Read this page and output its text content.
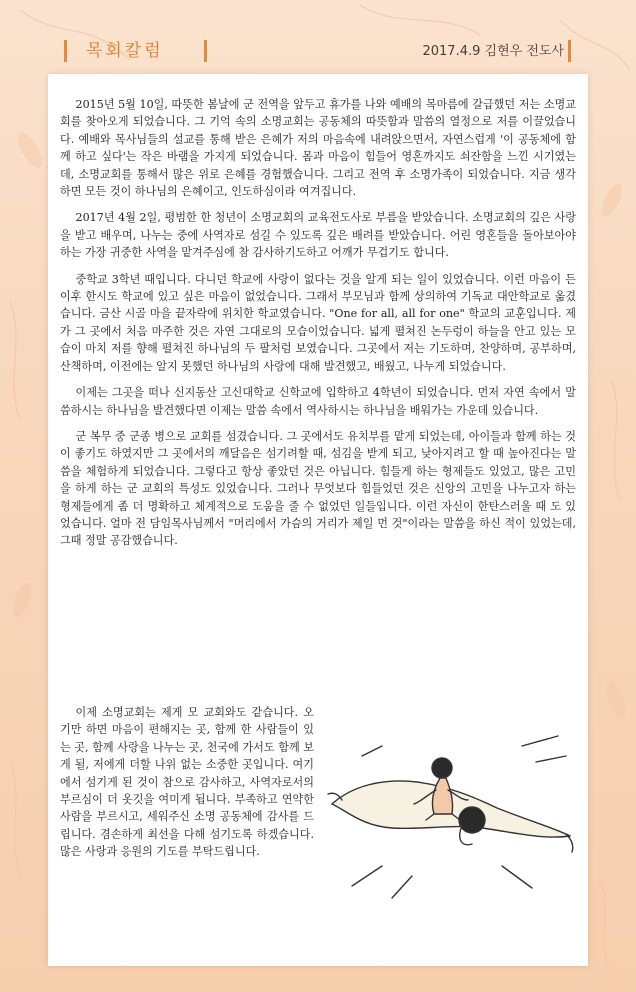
목회칼럼	2017.4.9 김현우 전도사

2015년 5월 10일, 따뜻한 봄날에 군 전역을 앞두고 휴가를 나와 예배의 목마름에 갈급했던 저는 소명교회를 찾아오게 되었습니다. 그 기억 속의 소명교회는 공동체의 따뜻함과 말씀의 열정으로 저를 이끌었습니다. 예배와 목사님들의 설교를 통해 받은 은혜가 저의 마음속에 내려앉으면서, 자연스럽게 '이 공동체에 함께 하고 싶다'는 작은 바램을 가지게 되었습니다. 몸과 마음이 힘들어 영혼까지도 쇠잔함을 느낀 시기였는데, 소명교회를 통해서 많은 위로 은혜를 경험했습니다. 그리고 전역 후 소명가족이 되었습니다. 지금 생각하면 모든 것이 하나님의 은혜이고, 인도하심이라 여겨집니다.

2017년 4월 2일, 평범한 한 청년이 소명교회의 교육전도사로 부름을 받았습니다. 소명교회의 깊은 사랑을 받고 배우며, 나누는 중에 사역자로 섬길 수 있도록 깊은 배려를 받았습니다. 어린 영혼들을 돌아보아야 하는 가장 귀중한 사역을 맡겨주심에 참 감사하기도하고 어깨가 무겁기도 합니다.

중학교 3학년 때입니다. 다니던 학교에 사랑이 없다는 것을 알게 되는 일이 있었습니다. 이런 마음이 든 이후 한시도 학교에 있고 싶은 마음이 없었습니다. 그래서 부모님과 함께 상의하여 기독교 대안학교로 옮겼습니다. 금산 시골 마을 끝자락에 위치한 학교였습니다. "One for all, all for one" 학교의 교훈입니다. 제가 그 곳에서 처음 마주한 것은 자연 그대로의 모습이었습니다. 넓게 펼쳐진 논두렁이 하늘을 안고 있는 모습이 마치 저를 향해 펼쳐진 하나님의 두 팔처럼 보였습니다. 그곳에서 저는 기도하며, 찬양하며, 공부하며, 산책하며, 이전에는 알지 못했던 하나님의 사랑에 대해 발견했고, 배웠고, 나누게 되었습니다.

이제는 그곳을 떠나 신지동산 고신대학교 신학교에 입학하고 4학년이 되었습니다. 먼저 자연 속에서 말씀하시는 하나님을 발견했다면 이제는 말씀 속에서 역사하시는 하나님을 배워가는 가운데 있습니다.

군 복무 중 군종 병으로 교회를 섬겼습니다. 그 곳에서도 유치부를 맡게 되었는데, 아이들과 함께 하는 것이 좋기도 하였지만 그 곳에서의 깨달음은 섬기려할 때, 섬김을 받게 되고, 낮아지려고 할 때 높아진다는 말씀을 체험하게 되었습니다. 그렇다고 항상 좋았던 것은 아닙니다. 힘들게 하는 형제들도 있었고, 많은 고민을 하게 하는 군 교회의 특성도 있었습니다. 그러나 무엇보다 힘들었던 것은 신앙의 고민을 나누고자 하는 형제들에게 좀 더 명확하고 체계적으로 도움을 줄 수 없었던 일들입니다. 이런 자신이 한탄스러울 때 도 있었습니다. 얼마 전 담임목사님께서 "머리에서 가슴의 거리가 제일 먼 것"이라는 말씀을 하신 적이 있었는데, 그때 정말 공감했습니다.

이제 소명교회는 제게 모 교회와도 같습니다. 오기만 하면 마음이 편해지는 곳, 함께 한 사람들이 있는 곳, 함께 사랑을 나누는 곳, 천국에 가서도 함께 보게 될, 저에게 더할 나위 없는 소중한 곳입니다. 여기에서 섬기게 된 것이 참으로 감사하고, 사역자로서의 부르심이 더 옷깃을 여미게 됩니다. 부족하고 연약한 사람을 부르시고, 세워주신 소명 공동체에 감사를 드립니다. 겸손하게 최선을 다해 섬기도록 하겠습니다. 많은 사랑과 응원의 기도를 부탁드립니다.
